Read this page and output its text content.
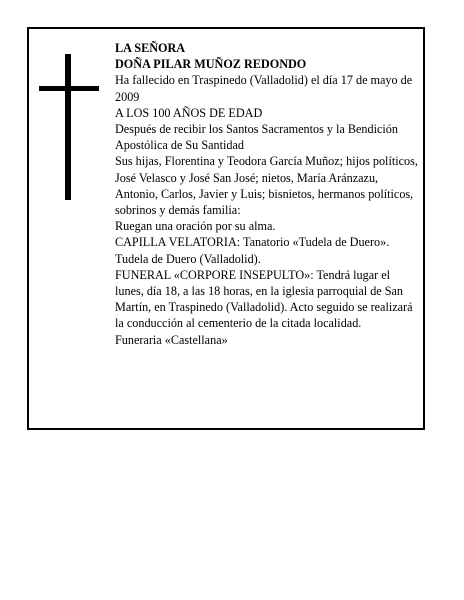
LA SEÑORA

DOÑA PILAR MUÑOZ REDONDO

Ha fallecido en Traspinedo (Valladolid) el día 17 de mayo de 2009

A LOS 100 AÑOS DE EDAD

Después de recibir los Santos Sacramentos y la Bendición Apostólica de Su Santidad

Sus hijas, Florentina y Teodora García Muñoz; hijos políticos, José Velasco y José San José; nietos, María Aránzazu, Antonio, Carlos, Javier y Luis; bisnietos, hermanos políticos, sobrinos y demás familia:

Ruegan una oración por su alma.

CAPILLA VELATORIA: Tanatorio «Tudela de Duero». Tudela de Duero (Valladolid).

FUNERAL «CORPORE INSEPULTO»: Tendrá lugar el lunes, día 18, a las 18 horas, en la iglesia parroquial de San Martín, en Traspinedo (Valladolid). Acto seguido se realizará la conducción al cementerio de la citada localidad.

Funeraria «Castellana»
